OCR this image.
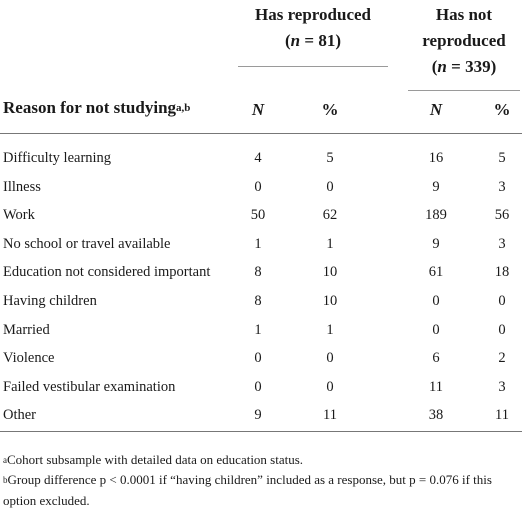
Has reproduced
(n = 81)
Has not
reproduced
(n = 339)
Reason for not studying$^{a,b}$	N	%	N	%
Difficulty learning	4	5	16	5
Illness	0	0	9	3
Work	50	62	189	56
No school or travel available	1	1	9	3
Education not considered important	8	10	61	18
Having children	8	10	0	0
Married	1	1	0	0
Violence	0	0	6	2
Failed vestibular examination	0	0	11	3
Other	9	11	38	11
$^a$Cohort subsample with detailed data on education status.
$^b$Group difference p < 0.0001 if “having children” included as a response, but p = 0.076 if this option excluded.
